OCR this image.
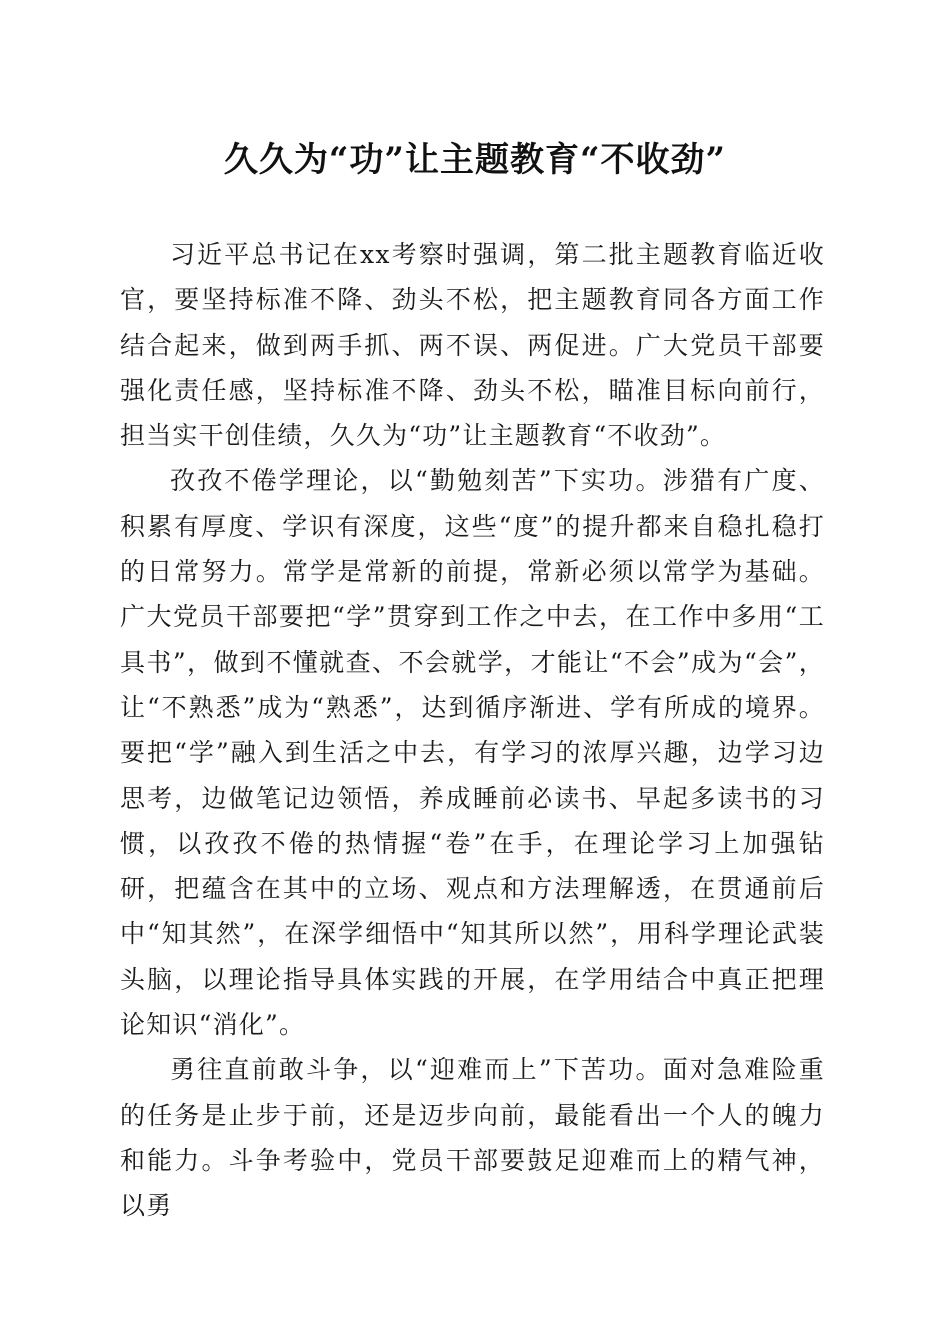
久久为“功”让主题教育“不收劲”

习近平总书记在xx考察时强调，第二批主题教育临近收官，要坚持标准不降、劲头不松，把主题教育同各方面工作结合起来，做到两手抓、两不误、两促进。广大党员干部要强化责任感，坚持标准不降、劲头不松，瞄准目标向前行，担当实干创佳绩，久久为“功”让主题教育“不收劲”。

孜孜不倦学理论，以“勤勉刻苦”下实功。涉猎有广度、积累有厚度、学识有深度，这些“度”的提升都来自稳扎稳打的日常努力。常学是常新的前提，常新必须以常学为基础。广大党员干部要把“学”贯穿到工作之中去，在工作中多用“工具书”，做到不懂就查、不会就学，才能让“不会”成为“会”，让“不熟悉”成为“熟悉”，达到循序渐进、学有所成的境界。要把“学”融入到生活之中去，有学习的浓厚兴趣，边学习边思考，边做笔记边领悟，养成睡前必读书、早起多读书的习惯，以孜孜不倦的热情握“卷”在手，在理论学习上加强钻研，把蕴含在其中的立场、观点和方法理解透，在贯通前后中“知其然”，在深学细悟中“知其所以然”，用科学理论武装头脑，以理论指导具体实践的开展，在学用结合中真正把理论知识“消化”。

勇往直前敢斗争，以“迎难而上”下苦功。面对急难险重的任务是止步于前，还是迈步向前，最能看出一个人的魄力和能力。斗争考验中，党员干部要鼓足迎难而上的精气神，以勇
